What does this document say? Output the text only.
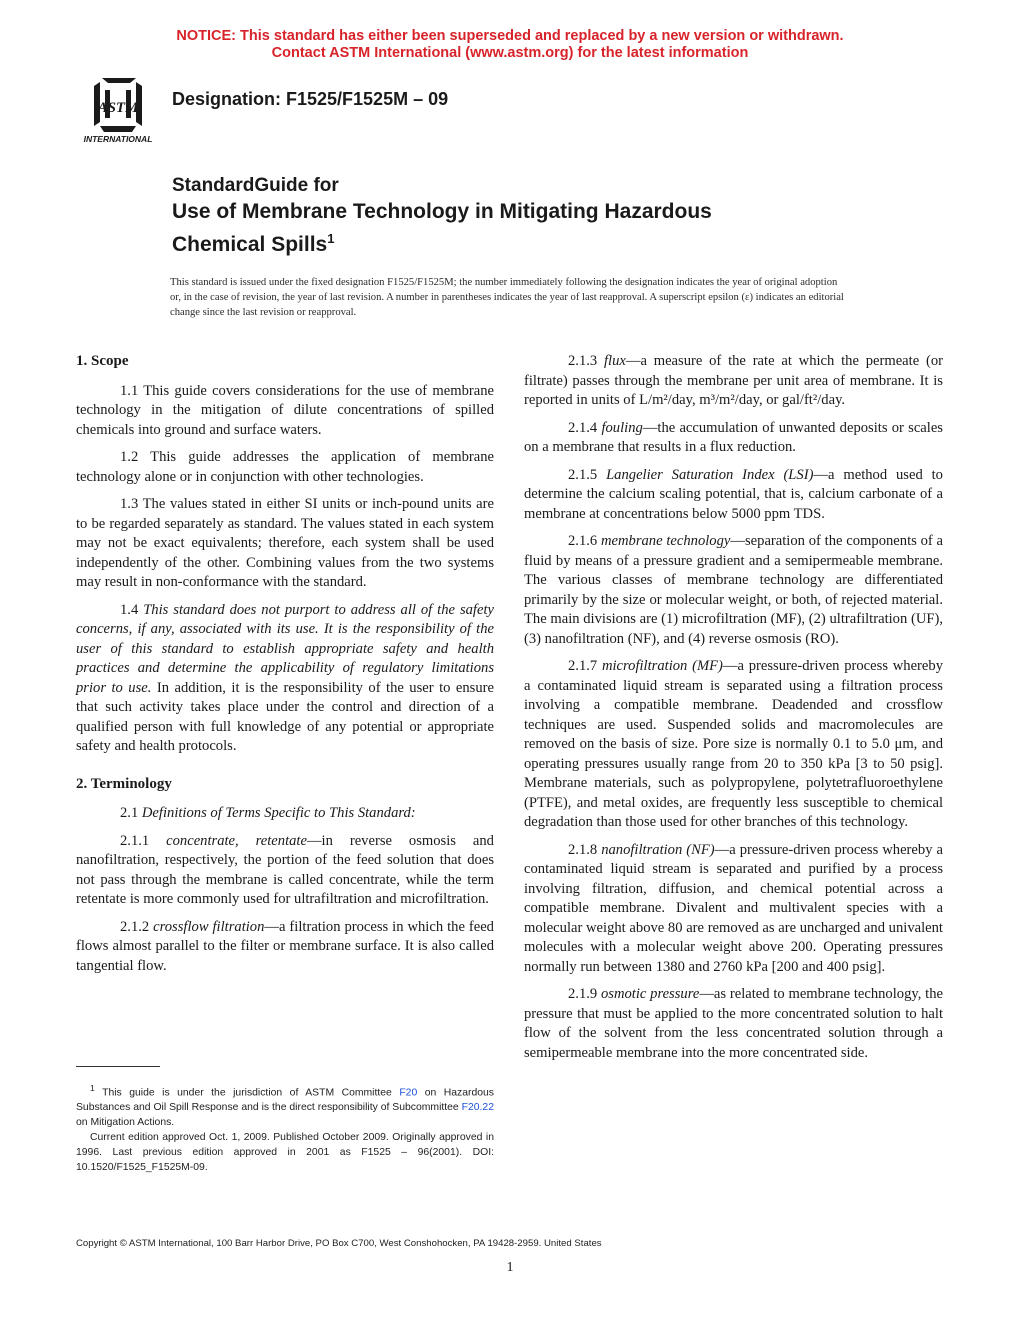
NOTICE: This standard has either been superseded and replaced by a new version or withdrawn.
Contact ASTM International (www.astm.org) for the latest information
ASTM
INTERNATIONAL
Designation: F1525/F1525M – 09
StandardGuide for
Use of Membrane Technology in Mitigating Hazardous
Chemical Spills$^1$
This standard is issued under the fixed designation F1525/F1525M; the number immediately following the designation indicates the year of original adoption or, in the case of revision, the year of last revision. A number in parentheses indicates the year of last reapproval. A superscript epsilon (ε) indicates an editorial change since the last revision or reapproval.
1. Scope

1.1 This guide covers considerations for the use of membrane technology in the mitigation of dilute concentrations of spilled chemicals into ground and surface waters.

1.2 This guide addresses the application of membrane technology alone or in conjunction with other technologies.

1.3 The values stated in either SI units or inch-pound units are to be regarded separately as standard. The values stated in each system may not be exact equivalents; therefore, each system shall be used independently of the other. Combining values from the two systems may result in non-conformance with the standard.

1.4 This standard does not purport to address all of the safety concerns, if any, associated with its use. It is the responsibility of the user of this standard to establish appropriate safety and health practices and determine the applicability of regulatory limitations prior to use. In addition, it is the responsibility of the user to ensure that such activity takes place under the control and direction of a qualified person with full knowledge of any potential or appropriate safety and health protocols.

2. Terminology

2.1 Definitions of Terms Specific to This Standard:

2.1.1 concentrate, retentate—in reverse osmosis and nanofiltration, respectively, the portion of the feed solution that does not pass through the membrane is called concentrate, while the term retentate is more commonly used for ultrafiltration and microfiltration.

2.1.2 crossflow filtration—a filtration process in which the feed flows almost parallel to the filter or membrane surface. It is also called tangential flow.

2.1.3 flux—a measure of the rate at which the permeate (or filtrate) passes through the membrane per unit area of membrane. It is reported in units of L/m²/day, m³/m²/day, or gal/ft²/day.

2.1.4 fouling—the accumulation of unwanted deposits or scales on a membrane that results in a flux reduction.

2.1.5 Langelier Saturation Index (LSI)—a method used to determine the calcium scaling potential, that is, calcium carbonate of a membrane at concentrations below 5000 ppm TDS.

2.1.6 membrane technology—separation of the components of a fluid by means of a pressure gradient and a semipermeable membrane. The various classes of membrane technology are differentiated primarily by the size or molecular weight, or both, of rejected material. The main divisions are (1) microfiltration (MF), (2) ultrafiltration (UF), (3) nanofiltration (NF), and (4) reverse osmosis (RO).

2.1.7 microfiltration (MF)—a pressure-driven process whereby a contaminated liquid stream is separated using a filtration process involving a compatible membrane. Deadended and crossflow techniques are used. Suspended solids and macromolecules are removed on the basis of size. Pore size is normally 0.1 to 5.0 μm, and operating pressures usually range from 20 to 350 kPa [3 to 50 psig]. Membrane materials, such as polypropylene, polytetrafluoroethylene (PTFE), and metal oxides, are frequently less susceptible to chemical degradation than those used for other branches of this technology.

2.1.8 nanofiltration (NF)—a pressure-driven process whereby a contaminated liquid stream is separated and purified by a process involving filtration, diffusion, and chemical potential across a compatible membrane. Divalent and multivalent species with a molecular weight above 80 are removed as are uncharged and univalent molecules with a molecular weight above 200. Operating pressures normally run between 1380 and 2760 kPa [200 and 400 psig].

2.1.9 osmotic pressure—as related to membrane technology, the pressure that must be applied to the more concentrated solution to halt flow of the solvent from the less concentrated solution through a semipermeable membrane into the more concentrated side.

$^1$ This guide is under the jurisdiction of ASTM Committee F20 on Hazardous Substances and Oil Spill Response and is the direct responsibility of Subcommittee F20.22 on Mitigation Actions.

Current edition approved Oct. 1, 2009. Published October 2009. Originally approved in 1996. Last previous edition approved in 2001 as F1525 – 96(2001). DOI: 10.1520/F1525_F1525M-09.

Copyright © ASTM International, 100 Barr Harbor Drive, PO Box C700, West Conshohocken, PA 19428-2959. United States
1
